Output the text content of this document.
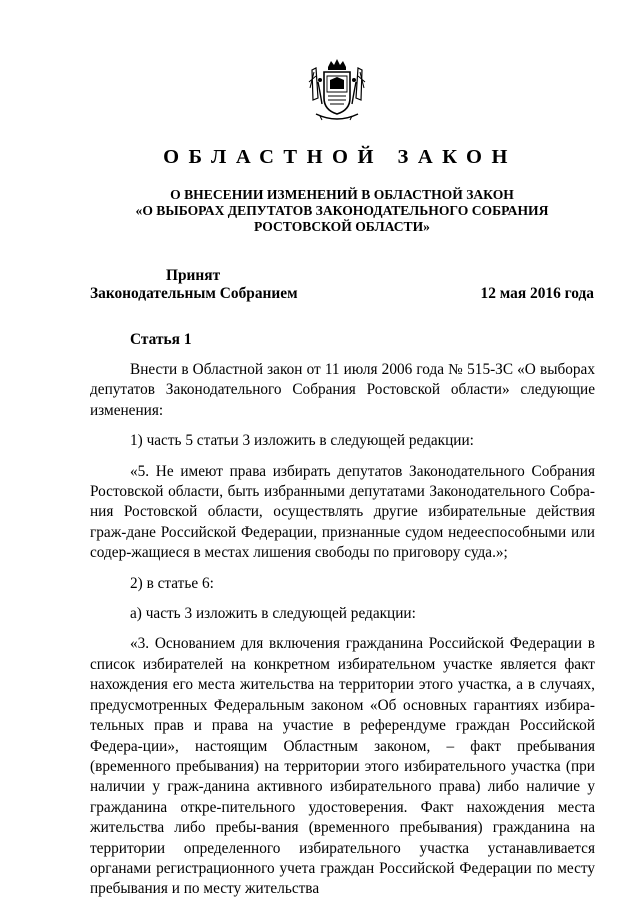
ОБЛАСТНОЙ ЗАКОН
О ВНЕСЕНИИ ИЗМЕНЕНИЙ В ОБЛАСТНОЙ ЗАКОН
«О ВЫБОРАХ ДЕПУТАТОВ ЗАКОНОДАТЕЛЬНОГО СОБРАНИЯ
РОСТОВСКОЙ ОБЛАСТИ»
Принят
Законодательным Собранием	12 мая 2016 года
Статья 1

Внести в Областной закон от 11 июля 2006 года № 515-ЗС «О выборах депутатов Законодательного Собрания Ростовской области» следующие изменения:

1) часть 5 статьи 3 изложить в следующей редакции:

«5. Не имеют права избирать депутатов Законодательного Собрания Ростовской области, быть избранными депутатами Законодательного Собра-ния Ростовской области, осуществлять другие избирательные действия граж-дане Российской Федерации, признанные судом недееспособными или содер-жащиеся в местах лишения свободы по приговору суда.»;

2) в статье 6:

а) часть 3 изложить в следующей редакции:

«3. Основанием для включения гражданина Российской Федерации в список избирателей на конкретном избирательном участке является факт нахождения его места жительства на территории этого участка, а в случаях, предусмотренных Федеральным законом «Об основных гарантиях избира-тельных прав и права на участие в референдуме граждан Российской Федера-ции», настоящим Областным законом, – факт пребывания (временного пребывания) на территории этого избирательного участка (при наличии у граж-данина активного избирательного права) либо наличие у гражданина откре-пительного удостоверения. Факт нахождения места жительства либо пребы-вания (временного пребывания) гражданина на территории определенного избирательного участка устанавливается органами регистрационного учета граждан Российской Федерации по месту пребывания и по месту жительства
